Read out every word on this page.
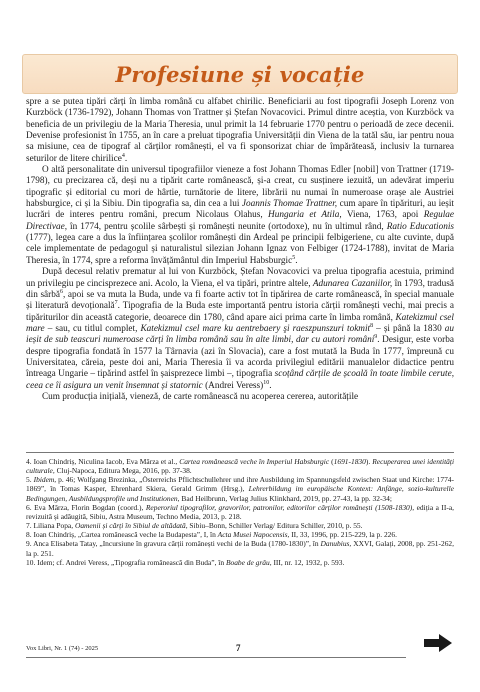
Profesiune și vocație

spre a se putea tipări cărți în limba română cu alfabet chirilic. Beneficiarii au fost tipografii Joseph Lorenz von Kurzböck (1736-1792), Johann Thomas von Trattner și Ștefan Novacovici. Primul dintre aceștia, von Kurzböck va beneficia de un privilegiu de la Maria Theresia, unul primit la 14 februarie 1770 pentru o perioadă de zece decenii. Devenise profesionist în 1755, an în care a preluat tipografia Universității din Viena de la tatăl său, iar pentru noua sa misiune, cea de tipograf al cărților românești, el va fi sponsorizat chiar de împărăteasă, inclusiv la turnarea seturilor de litere chirilice$^4$.

O altă personalitate din universul tipografiilor vieneze a fost Johann Thomas Edler [nobil] von Trattner (1719-1798), cu precizarea că, deși nu a tipărit carte românească, și-a creat, cu susținere iezuită, un adevărat imperiu tipografic și editorial cu mori de hârtie, turnătorie de litere, librării nu numai în numeroase orașe ale Austriei habsburgice, ci și la Sibiu. Din tipografia sa, din cea a lui Joannis Thomae Trattner, cum apare în tipărituri, au ieșit lucrări de interes pentru români, precum Nicolaus Olahus, Hungaria et Atila, Viena, 1763, apoi Regulae Directivae, în 1774, pentru școlile sârbești și românești neunite (ortodoxe), nu în ultimul rând, Ratio Educationis (1777), legea care a dus la înființarea școlilor românești din Ardeal pe principii felbigeriene, cu alte cuvinte, după cele implementate de pedagogul și naturalistul silezian Johann Ignaz von Felbiger (1724-1788), invitat de Maria Theresia, în 1774, spre a reforma învățământul din Imperiul Habsburgic$^5$.

După decesul relativ prematur al lui von Kurzböck, Ștefan Novacovici va prelua tipografia acestuia, primind un privilegiu pe cincisprezece ani. Acolo, la Viena, el va tipări, printre altele, Adunarea Cazaniilor, în 1793, tradusă din sârbă$^6$, apoi se va muta la Buda, unde va fi foarte activ tot în tipărirea de carte românească, în special manuale și literatură devoțională$^7$. Tipografia de la Buda este importantă pentru istoria cărții românești vechi, mai precis a tipăriturilor din această categorie, deoarece din 1780, când apare aici prima carte în limba română, Katekizmul csel mare – sau, cu titlul complet, Katekizmul csel mare ku aentrebaery şi raeszpunszuri tokmit$^8$ – și până la 1830 au ieșit de sub teascuri numeroase cărți în limba română sau în alte limbi, dar cu autori români$^9$. Desigur, este vorba despre tipografia fondată în 1577 la Târnavia (azi în Slovacia), care a fost mutată la Buda în 1777, împreună cu Universitatea, căreia, peste doi ani, Maria Theresia îi va acorda privilegiul editării manualelor didactice pentru întreaga Ungarie – tipărind astfel în șaisprezece limbi –, tipografia scoțând cărțile de școală în toate limbile cerute, ceea ce îi asigura un venit însemnat și statornic (Andrei Veress)$^{10}$.

Cum producția inițială, vieneză, de carte românească nu acoperea cererea, autoritățile

4. Ioan Chindriș, Niculina Iacob, Eva Mârza et al., Cartea românească veche în Imperiul Habsburgic (1691-1830). Recuperarea unei identități culturale, Cluj-Napoca, Editura Mega, 2016, pp. 37-38.
5. Ibidem, p. 46; Wolfgang Brezinka, „Österreichs Pflichtschullehrer und ihre Ausbildung im Spannungsfeld zwischen Staat und Kirche: 1774-1869”, în Tomas Kasper, Ehrenhard Skiera, Gerald Grimm (Hrsg.), Lehrerbildung im europäische Kontext: Anfänge, sozio-kulturelle Bedingungen, Ausbildungsprofile und Institutionen, Bad Heilbrunn, Verlag Julius Klinkhard, 2019, pp. 27-43, la pp. 32-34;
6. Eva Mârza, Florin Bogdan (coord.), Reperoriul tipografilor, gravorilor, patronilor, editorilor cărților românești (1508-1830), ediția a II-a, revizuită și adăugită, Sibiu, Astra Museum, Techno Media, 2013, p. 218.
7. Liliana Popa, Oamenii și cărți în Sibiul de altădată, Sibiu–Bonn, Schiller Verlag/ Editura Schiller, 2010, p. 55.
8. Ioan Chindriș, „Cartea românească veche la Budapesta”, I, în Acta Musei Napocensis, II, 33, 1996, pp. 215-229, la p. 226.
9. Anca Elisabeta Tatay, „Incursiune în gravura cărții românești vechi de la Buda (1780-1830)”, în Danubius, XXVI, Galați, 2008, pp. 251-262, la p. 251.
10. Idem; cf. Andrei Veress, „Tipografia românească din Buda”, în Boabe de grâu, III, nr. 12, 1932, p. 593.
Vox Libri, Nr. 1 (74) - 2025	7
